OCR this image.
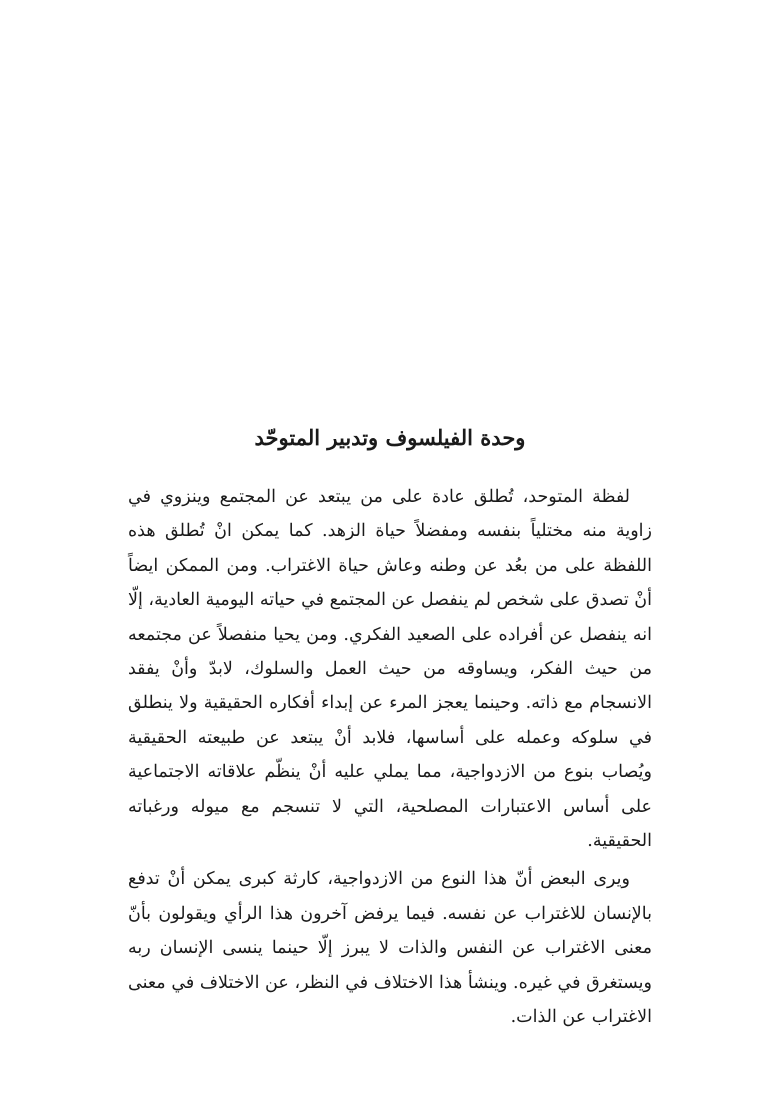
وحدة الفيلسوف وتدبير المتوحّد

لفظة المتوحد، تُطلق عادة على من يبتعد عن المجتمع وينزوي في زاوية منه مختلياً بنفسه ومفضلاً حياة الزهد. كما يمكن انْ تُطلق هذه اللفظة على من بعُد عن وطنه وعاش حياة الاغتراب. ومن الممكن ايضاً أنْ تصدق على شخص لم ينفصل عن المجتمع في حياته اليومية العادية، إلّا انه ينفصل عن أفراده على الصعيد الفكري. ومن يحيا منفصلاً عن مجتمعه من حيث الفكر، ويساوقه من حيث العمل والسلوك، لابدّ وأنْ يفقد الانسجام مع ذاته. وحينما يعجز المرء عن إبداء أفكاره الحقيقية ولا ينطلق في سلوكه وعمله على أساسها، فلابد أنْ يبتعد عن طبيعته الحقيقية ويُصاب بنوع من الازدواجية، مما يملي عليه أنْ ينظّم علاقاته الاجتماعية على أساس الاعتبارات المصلحية، التي لا تنسجم مع ميوله ورغباته الحقيقية.

ويرى البعض أنّ هذا النوع من الازدواجية، كارثة كبرى يمكن أنْ تدفع بالإنسان للاغتراب عن نفسه. فيما يرفض آخرون هذا الرأي ويقولون بأنّ معنى الاغتراب عن النفس والذات لا يبرز إلّا حينما ينسى الإنسان ربه ويستغرق في غيره. وينشأ هذا الاختلاف في النظر، عن الاختلاف في معنى الاغتراب عن الذات.
